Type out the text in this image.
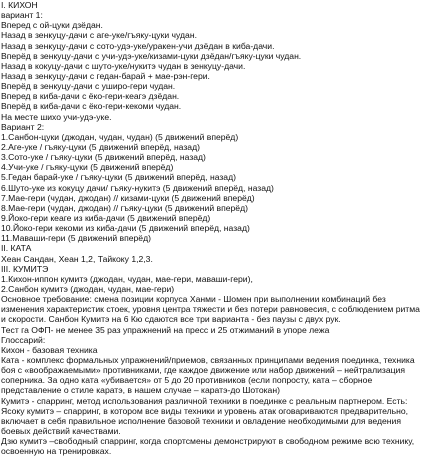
I. КИХОН
вариант 1:
Вперед с ой-цуки дзёдан.
Назад в зенкуцу-дачи с аге-уке/гъяку-цуки чудан.
Назад в зенкуцу-дачи с сото-удэ-уке/уракен-учи дзёдан в киба-дачи.
Вперёд в зенкуцу-дачи с учи-удэ-уке/кизами-цуки дзёдан/гъяку-цуки чудан.
Назад в кокуцу-дачи с шуто-уке/нукитэ чудан в зенкуцу-дачи.
Назад в зенкуцу-дачи с гедан-барай + мае-рэн-гери.
Вперёд в зенкуцу-дачи с уширо-гери чудан.
Вперед в киба-дачи с ёко-гери-кеагэ дзёдан.
Вперёд в киба-дачи с ёко-гери-кекоми чудан.
На месте шихо учи-удэ-уке.
Вариант 2:
1.Санбон-цуки (джодан, чудан, чудан) (5 движений вперёд)
2.Аге-уке / гъяку-цуки (5 движений вперёд, назад)
3.Сото-уке / гъяку-цуки (5 движений вперёд, назад)
4.Учи-уке / гъяку-цуки (5 движений вперёд)
5.Гедан барай-уке / гъяку-цуки (5 движений вперёд, назад)
6.Шуто-уке из кокуцу дачи/ гъяку-нукитэ (5 движений вперёд, назад)
7.Мае-гери (чудан, джодан) // кизами-цуки (5 движений вперёд)
8.Мае-гери (чудан, джодан) // гъяку-цуки (5 движений вперёд)
9.Йоко-гери кеаге из киба-дачи (5 движений вперёд)
10.Йоко-гери кекоми из киба-дачи (5 движений вперёд, назад)
11.Маваши-гери (5 движений вперёд)
II. КАТА
Хеан Сандан, Хеан 1,2, Тайкоку 1,2,3.
III. КУМИТЭ
1.Кихон-иппон кумитэ (джодан, чудан, мае-гери, маваши-гери),
2.Санбон кумитэ (джодан, чудан, мае-гери)
Основное требование: смена позиции корпуса Ханми - Шомен при выполнении комбинаций без изменения характеристик стоек, уровня центра тяжести и без потери равновесия, с соблюдением ритма и скорости. Санбон Кумитэ на 6 Кю сдаются все три варианта - без паузы с двух рук.
Тест га ОФП- не менее 35 раз упражнений на пресс и 25 отжиманий в упоре лежа
Глоссарий:
Кихон - базовая техника
Ката - комплекс формальных упражнений/приемов, связанных принципами ведения поединка, техника боя с «воображаемыми» противниками, где каждое движение или набор движений – нейтрализация соперника. За одно ката «убивается» от 5 до 20 противников (если попросту, ката – сборное представление о стиле каратэ, в нашем случае – каратэ-до Шотокан)
Кумитэ - спарринг, метод использования различной техники в поединке с реальным партнером. Есть: Ясоку кумитэ – спарринг, в котором все виды техники и уровень атак оговариваются предварительно, включает в себя правильное исполнение базовой техники и овладение необходимыми для ведения боевых действий качествами.
Дзю кумитэ –свободный спарринг, когда спортсмены демонстрируют в свободном режиме всю технику, освоенную на тренировках.
